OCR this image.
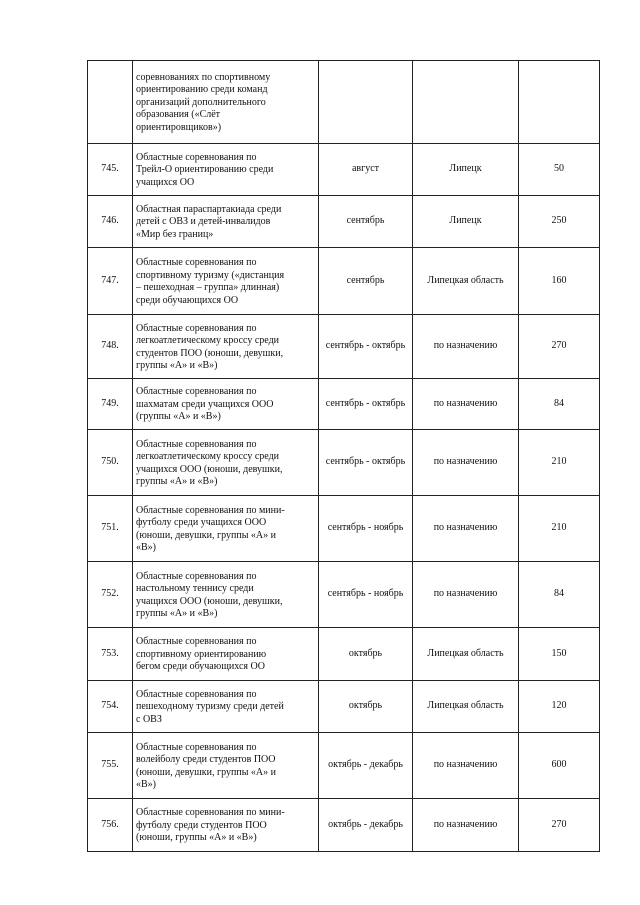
	соревнованиях по спортивному
ориентированию среди команд
организаций дополнительного
образования («Слёт
ориентировщиков»)			

745.	Областные соревнования по
Трейл-О ориентированию среди
учащихся ОО	август	Липецк	50
746.	Областная параспартакиада среди
детей с ОВЗ и детей-инвалидов
«Мир без границ»	сентябрь	Липецк	250
747.	Областные соревнования по
спортивному туризму («дистанция
– пешеходная – группа» длинная)
среди обучающихся ОО	сентябрь	Липецкая область	160
748.	Областные соревнования по
легкоатлетическому кроссу среди
студентов ПОО (юноши, девушки,
группы «А» и «В»)	сентябрь - октябрь	по назначению	270
749.	Областные соревнования по
шахматам среди учащихся ООО
(группы «А» и «В»)	сентябрь - октябрь	по назначению	84
750.	Областные соревнования по
легкоатлетическому кроссу среди
учащихся ООО (юноши, девушки,
группы «А» и «В»)	сентябрь - октябрь	по назначению	210
751.	Областные соревнования по мини-
футболу среди учащихся ООО
(юноши, девушки, группы «А» и
«В»)	сентябрь - ноябрь	по назначению	210
752.	Областные соревнования по
настольному теннису среди
учащихся ООО (юноши, девушки,
группы «А» и «В»)	сентябрь - ноябрь	по назначению	84
753.	Областные соревнования по
спортивному ориентированию
бегом среди обучающихся ОО	октябрь	Липецкая область	150
754.	Областные соревнования по
пешеходному туризму среди детей
с ОВЗ	октябрь	Липецкая область	120
755.	Областные соревнования по
волейболу среди студентов ПОО
(юноши, девушки, группы «А» и
«В»)	октябрь - декабрь	по назначению	600
756.	Областные соревнования по мини-
футболу среди студентов ПОО
(юноши, группы «А» и «В»)	октябрь - декабрь	по назначению	270
